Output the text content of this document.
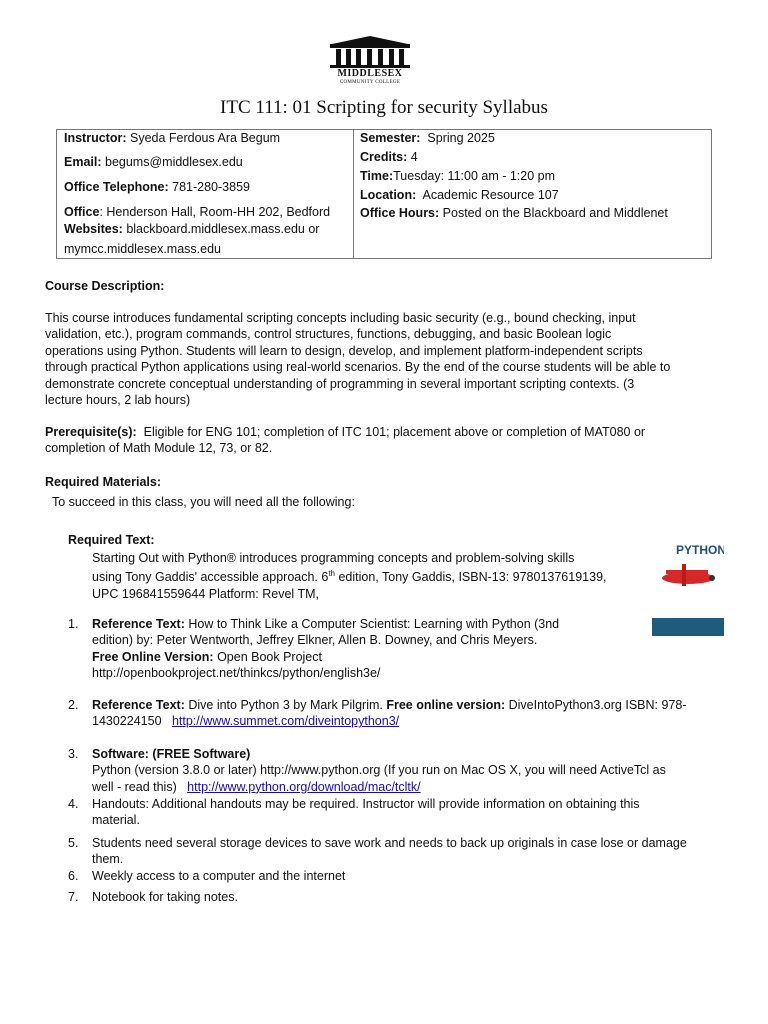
MIDDLESEX
COMMUNITY COLLEGE
ITC 111: 01 Scripting for security Syllabus
Instructor: Syeda Ferdous Ara Begum
Email: begums@middlesex.edu
Office Telephone: 781-280-3859
Office: Henderson Hall, Room-HH 202, Bedford
Websites: blackboard.middlesex.mass.edu or
mymcc.middlesex.mass.edu
Semester: Spring 2025
Credits: 4
Time:Tuesday: 11:00 am - 1:20 pm
Location: Academic Resource 107
Office Hours: Posted on the Blackboard and Middlenet
Course Description:
This course introduces fundamental scripting concepts including basic security (e.g., bound checking, input
validation, etc.), program commands, control structures, functions, debugging, and basic Boolean logic
operations using Python. Students will learn to design, develop, and implement platform-independent scripts
through practical Python applications using real-world scenarios. By the end of the course students will be able to
demonstrate concrete conceptual understanding of programming in several important scripting contexts. (3
lecture hours, 2 lab hours)
Prerequisite(s): Eligible for ENG 101; completion of ITC 101; placement above or completion of MAT080 or
completion of Math Module 12, 73, or 82.
Required Materials:
To succeed in this class, you will need all the following:
Required Text:
Starting Out with Python® introduces programming concepts and problem-solving skills
using Tony Gaddis' accessible approach. 6th edition, Tony Gaddis, ISBN-13: 9780137619139,
UPC 196841559644 Platform: Revel TM,
PYTHON
1. Reference Text: How to Think Like a Computer Scientist: Learning with Python (3nd
edition) by: Peter Wentworth, Jeffrey Elkner, Allen B. Downey, and Chris Meyers.
Free Online Version: Open Book Project
http://openbookproject.net/thinkcs/python/english3e/
2. Reference Text: Dive into Python 3 by Mark Pilgrim. Free online version: DiveIntoPython3.org ISBN: 978-
1430224150 http://www.summet.com/diveintopython3/
3. Software: (FREE Software)
Python (version 3.8.0 or later) http://www.python.org (If you run on Mac OS X, you will need ActiveTcl as
well - read this) http://www.python.org/download/mac/tcltk/
4. Handouts: Additional handouts may be required. Instructor will provide information on obtaining this
material.
5. Students need several storage devices to save work and needs to back up originals in case lose or damage
them.
6. Weekly access to a computer and the internet
7. Notebook for taking notes.
